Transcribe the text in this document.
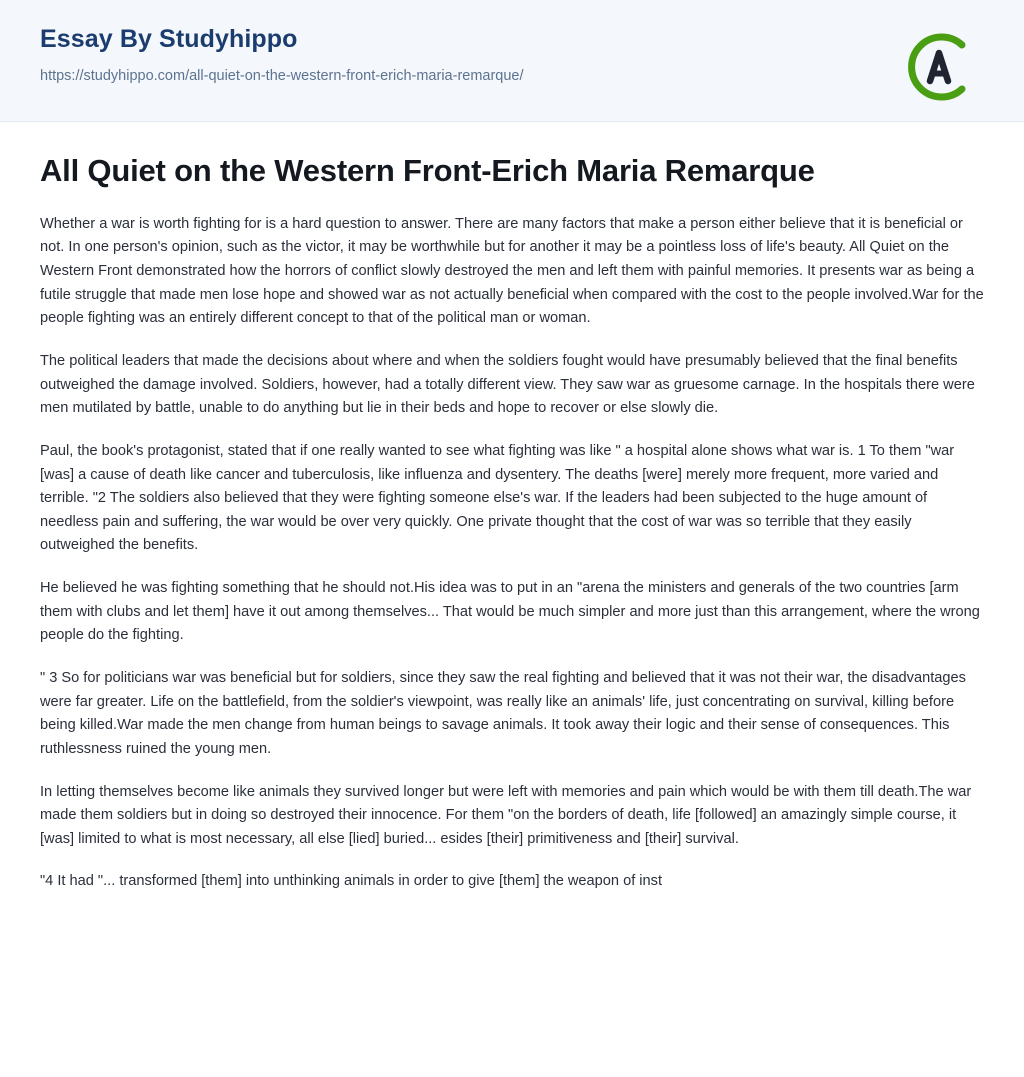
Essay By Studyhippo
https://studyhippo.com/all-quiet-on-the-western-front-erich-maria-remarque/
All Quiet on the Western Front-Erich Maria Remarque

Whether a war is worth fighting for is a hard question to answer. There are many factors that make a person either believe that it is beneficial or not. In one person's opinion, such as the victor, it may be worthwhile but for another it may be a pointless loss of life's beauty. All Quiet on the Western Front demonstrated how the horrors of conflict slowly destroyed the men and left them with painful memories. It presents war as being a futile struggle that made men lose hope and showed war as not actually beneficial when compared with the cost to the people involved.War for the people fighting was an entirely different concept to that of the political man or woman.

The political leaders that made the decisions about where and when the soldiers fought would have presumably believed that the final benefits outweighed the damage involved. Soldiers, however, had a totally different view. They saw war as gruesome carnage. In the hospitals there were men mutilated by battle, unable to do anything but lie in their beds and hope to recover or else slowly die.

Paul, the book's protagonist, stated that if one really wanted to see what fighting was like " a hospital alone shows what war is. 1 To them "war [was] a cause of death like cancer and tuberculosis, like influenza and dysentery. The deaths [were] merely more frequent, more varied and terrible. "2 The soldiers also believed that they were fighting someone else's war. If the leaders had been subjected to the huge amount of needless pain and suffering, the war would be over very quickly. One private thought that the cost of war was so terrible that they easily outweighed the benefits.

He believed he was fighting something that he should not.His idea was to put in an "arena the ministers and generals of the two countries [arm them with clubs and let them] have it out among themselves... That would be much simpler and more just than this arrangement, where the wrong people do the fighting.

" 3 So for politicians war was beneficial but for soldiers, since they saw the real fighting and believed that it was not their war, the disadvantages were far greater. Life on the battlefield, from the soldier's viewpoint, was really like an animals' life, just concentrating on survival, killing before being killed.War made the men change from human beings to savage animals. It took away their logic and their sense of consequences. This ruthlessness ruined the young men.

In letting themselves become like animals they survived longer but were left with memories and pain which would be with them till death.The war made them soldiers but in doing so destroyed their innocence. For them "on the borders of death, life [followed] an amazingly simple course, it [was] limited to what is most necessary, all else [lied] buried... esides [their] primitiveness and [their] survival.

"4 It had "... transformed [them] into unthinking animals in order to give [them] the weapon of inst
